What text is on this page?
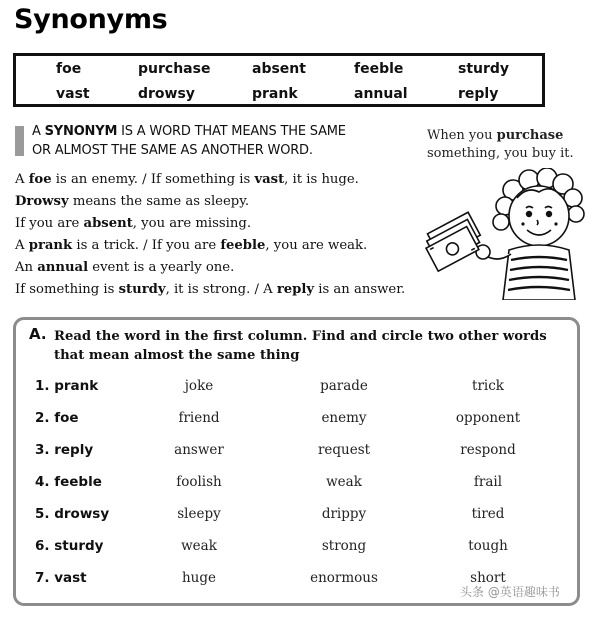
Synonyms
foe	purchase	absent	feeble	sturdy
vast	drowsy	prank	annual	reply
A SYNONYM IS A WORD THAT MEANS THE SAME
OR ALMOST THE SAME AS ANOTHER WORD.
When you purchase
something, you buy it.
A foe is an enemy. / If something is vast, it is huge.
Drowsy means the same as sleepy.
If you are absent, you are missing.
A prank is a trick. / If you are feeble, you are weak.
An annual event is a yearly one.
If something is sturdy, it is strong. / A reply is an answer.
A. Read the word in the first column. Find and circle two other words that mean almost the same thing
1. prank	joke	parade	trick
2. foe	friend	enemy	opponent
3. reply	answer	request	respond
4. feeble	foolish	weak	frail
5. drowsy	sleepy	drippy	tired
6. sturdy	weak	strong	tough
7. vast	huge	enormous	short
头条 @英语趣味书
